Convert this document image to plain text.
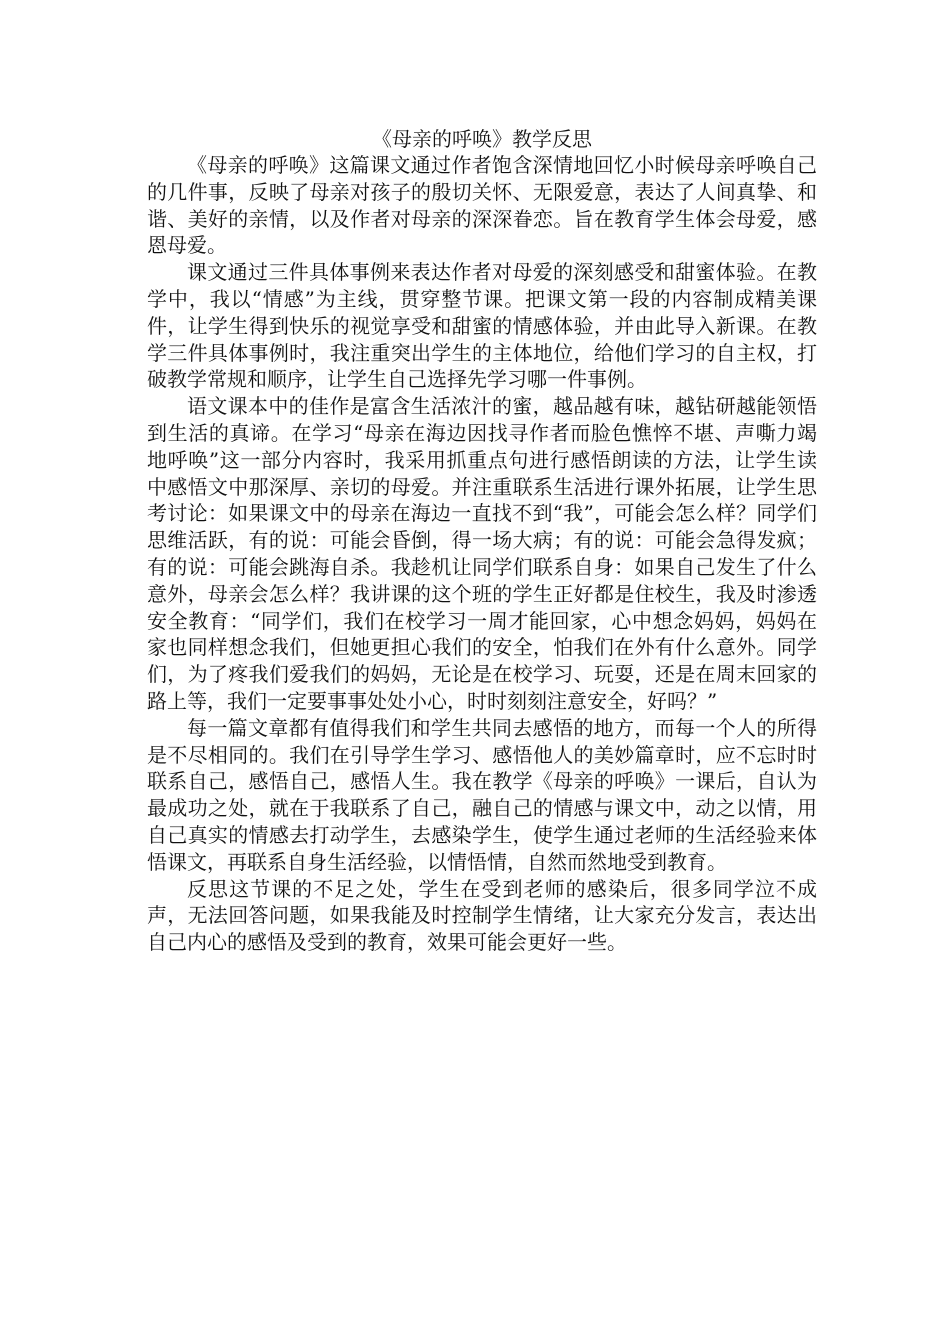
《母亲的呼唤》教学反思

《母亲的呼唤》这篇课文通过作者饱含深情地回忆小时候母亲呼唤自己的几件事，反映了母亲对孩子的殷切关怀、无限爱意，表达了人间真挚、和谐、美好的亲情，以及作者对母亲的深深眷恋。旨在教育学生体会母爱，感恩母爱。

课文通过三件具体事例来表达作者对母爱的深刻感受和甜蜜体验。在教学中，我以“情感”为主线，贯穿整节课。把课文第一段的内容制成精美课件，让学生得到快乐的视觉享受和甜蜜的情感体验，并由此导入新课。在教学三件具体事例时，我注重突出学生的主体地位，给他们学习的自主权，打破教学常规和顺序，让学生自己选择先学习哪一件事例。

语文课本中的佳作是富含生活浓汁的蜜，越品越有味，越钻研越能领悟到生活的真谛。在学习“母亲在海边因找寻作者而脸色憔悴不堪、声嘶力竭地呼唤”这一部分内容时，我采用抓重点句进行感悟朗读的方法，让学生读中感悟文中那深厚、亲切的母爱。并注重联系生活进行课外拓展，让学生思考讨论：如果课文中的母亲在海边一直找不到“我”，可能会怎么样？同学们思维活跃，有的说：可能会昏倒，得一场大病；有的说：可能会急得发疯；有的说：可能会跳海自杀。我趁机让同学们联系自身：如果自己发生了什么意外，母亲会怎么样？我讲课的这个班的学生正好都是住校生，我及时渗透安全教育：“同学们，我们在校学习一周才能回家，心中想念妈妈，妈妈在家也同样想念我们，但她更担心我们的安全，怕我们在外有什么意外。同学们，为了疼我们爱我们的妈妈，无论是在校学习、玩耍，还是在周末回家的路上等，我们一定要事事处处小心，时时刻刻注意安全，好吗？”

每一篇文章都有值得我们和学生共同去感悟的地方，而每一个人的所得是不尽相同的。我们在引导学生学习、感悟他人的美妙篇章时，应不忘时时联系自己，感悟自己，感悟人生。我在教学《母亲的呼唤》一课后，自认为最成功之处，就在于我联系了自己，融自己的情感与课文中，动之以情，用自己真实的情感去打动学生，去感染学生，使学生通过老师的生活经验来体悟课文，再联系自身生活经验，以情悟情，自然而然地受到教育。

反思这节课的不足之处，学生在受到老师的感染后，很多同学泣不成声，无法回答问题，如果我能及时控制学生情绪，让大家充分发言，表达出自己内心的感悟及受到的教育，效果可能会更好一些。
